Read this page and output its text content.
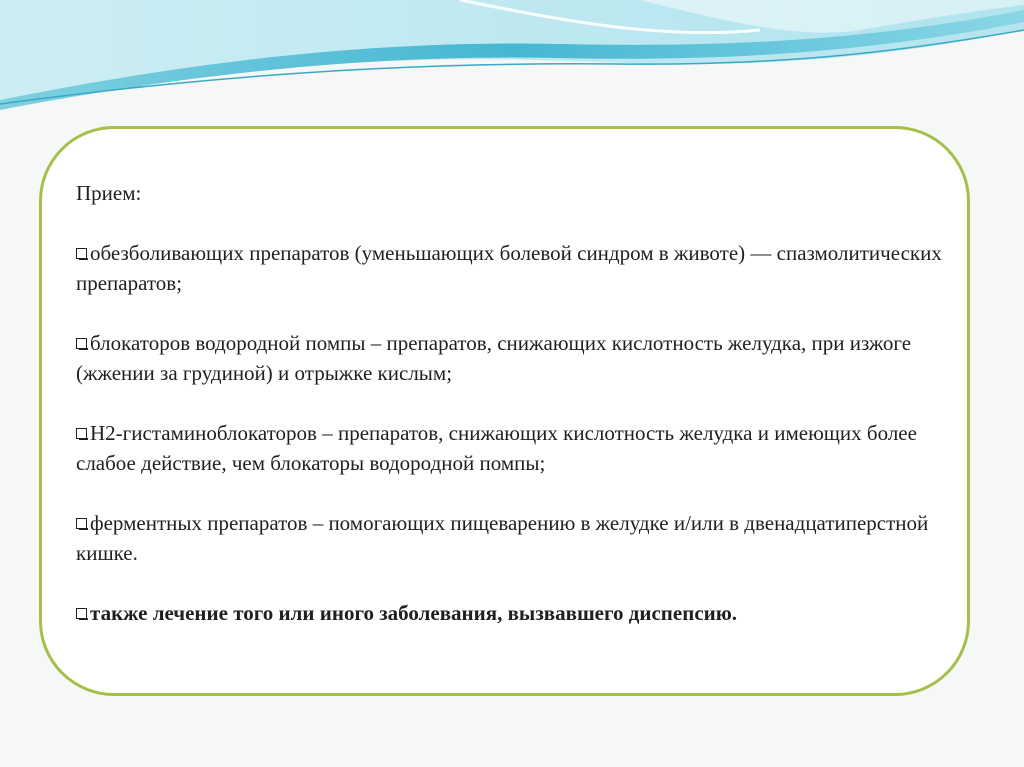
Прием:
обезболивающих препаратов (уменьшающих болевой синдром в животе) — спазмолитических препаратов;
блокаторов водородной помпы – препаратов, снижающих кислотность желудка, при изжоге (жжении за грудиной) и отрыжке кислым;
Н2-гистаминоблокаторов – препаратов, снижающих кислотность желудка и имеющих более слабое действие, чем блокаторы водородной помпы;
ферментных препаратов – помогающих пищеварению в желудке и/или в двенадцатиперстной кишке.
также лечение того или иного заболевания, вызвавшего диспепсию.
